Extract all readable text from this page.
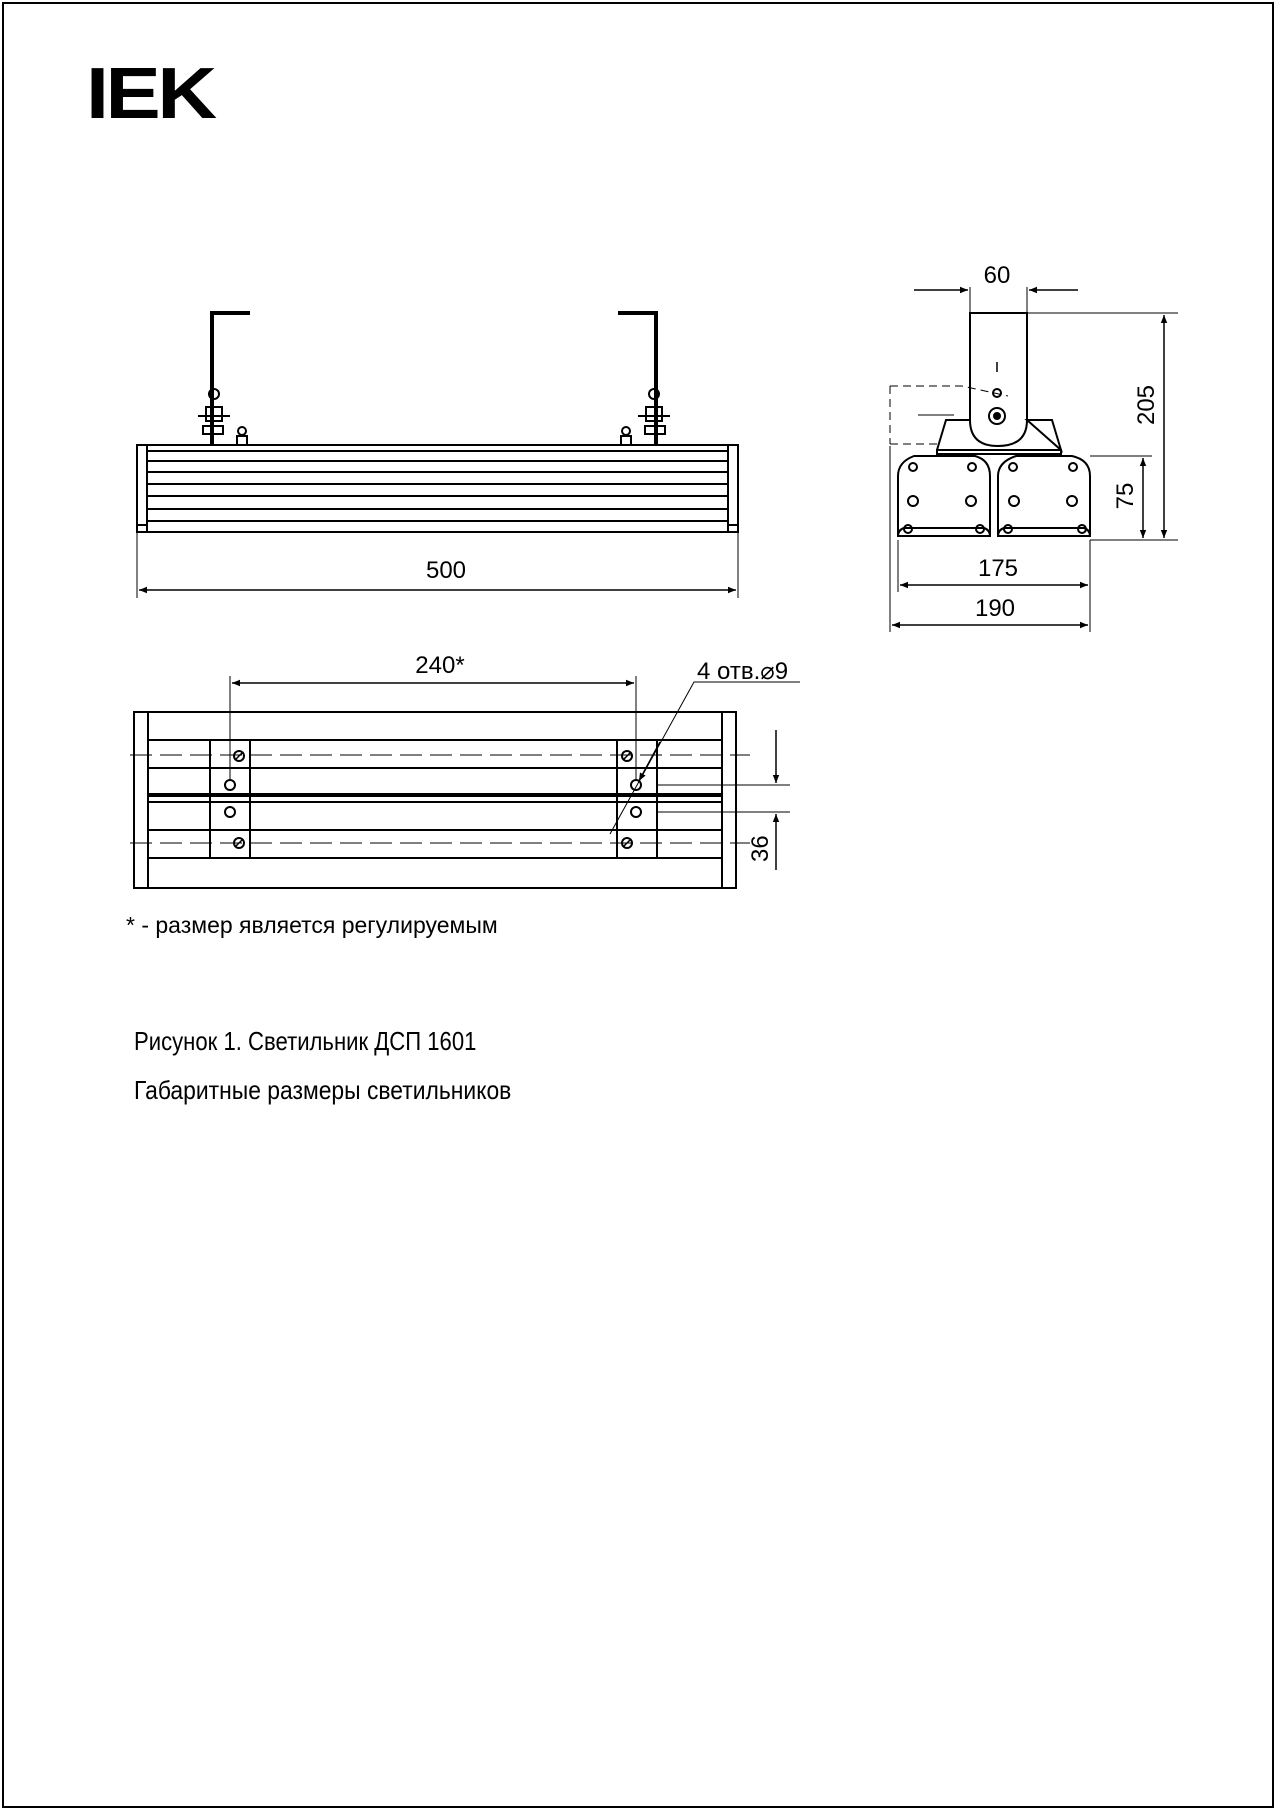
IEK
500
60
205
75
175
190
240*	4 отв.⌀9
36
* - размер является регулируемым
Рисунок 1. Светильник ДСП 1601
Габаритные размеры светильников
